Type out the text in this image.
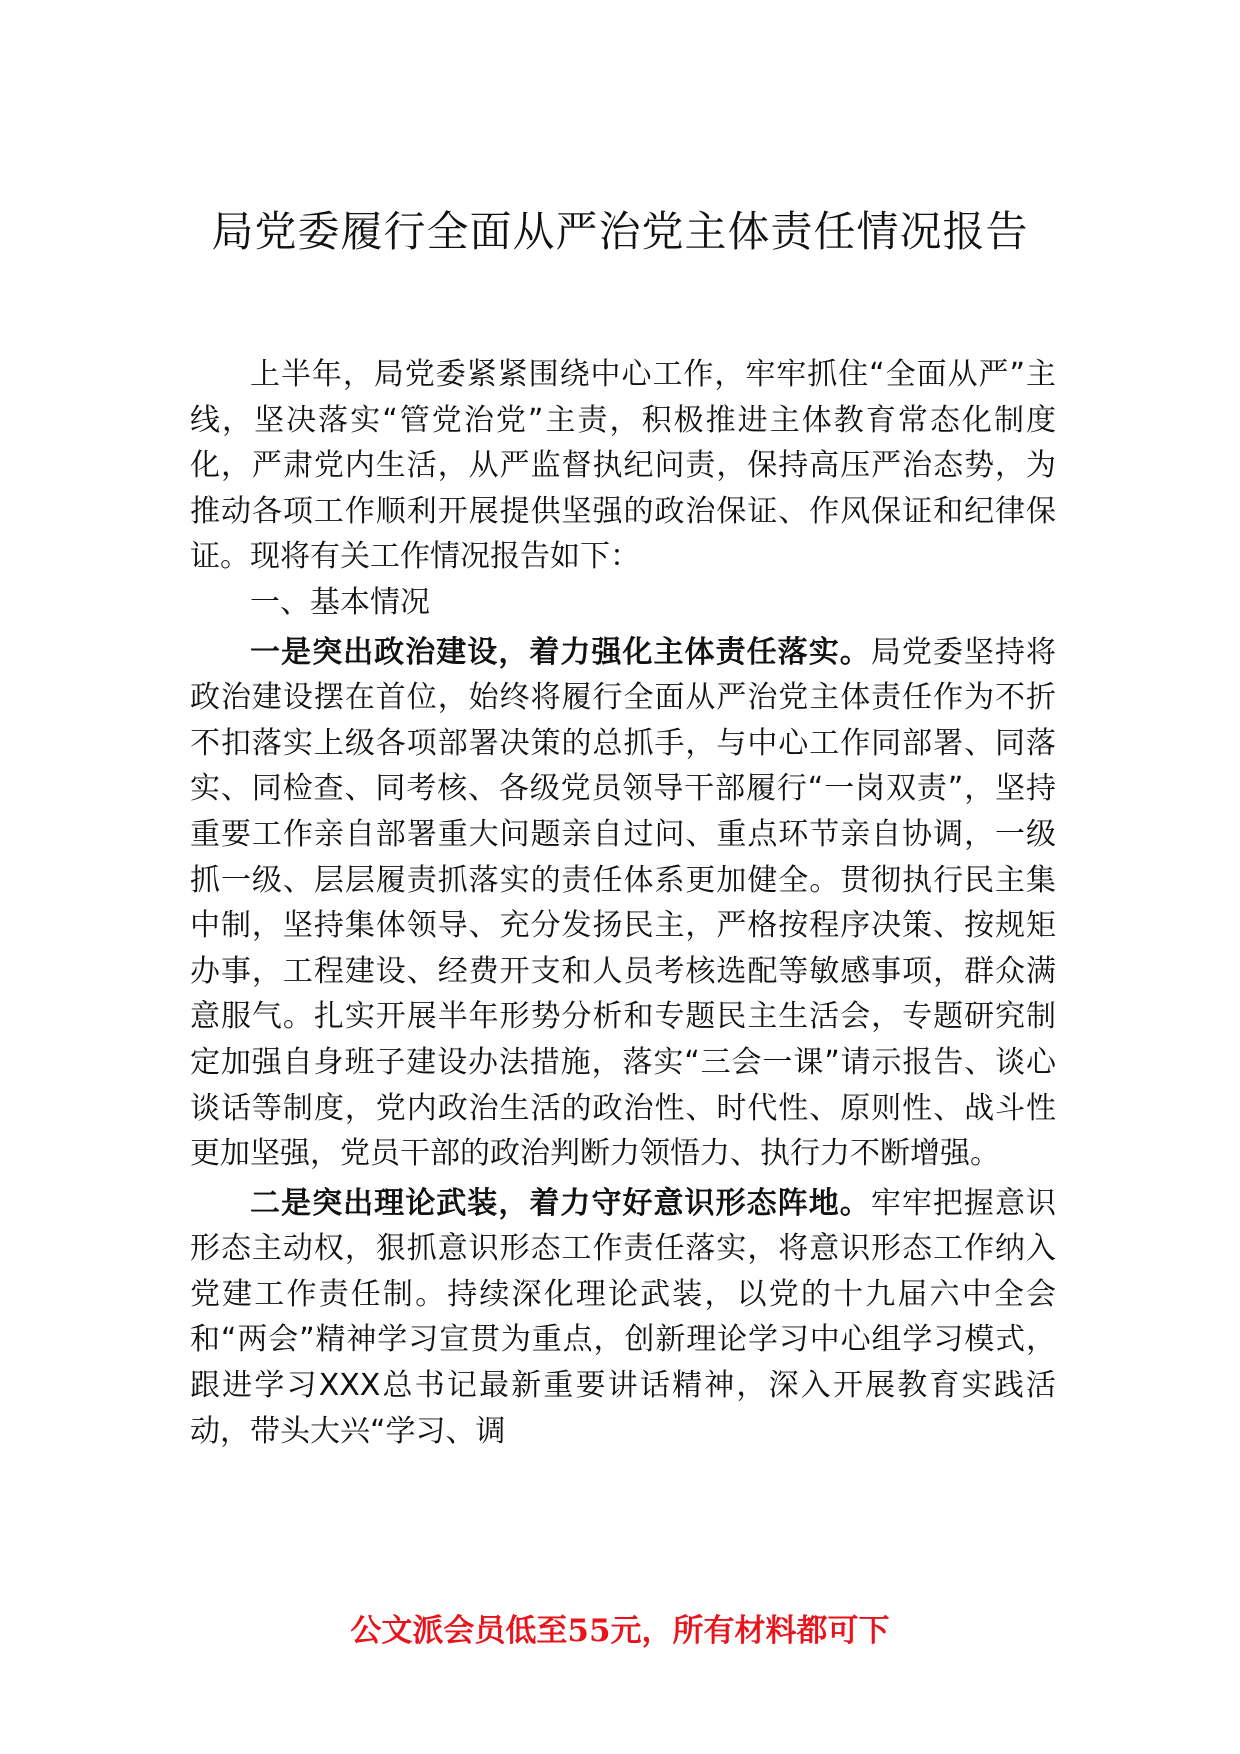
局党委履行全面从严治党主体责任情况报告

上半年，局党委紧紧围绕中心工作，牢牢抓住“全面从严”主线，坚决落实“管党治党”主责，积极推进主体教育常态化制度化，严肃党内生活，从严监督执纪问责，保持高压严治态势，为推动各项工作顺利开展提供坚强的政治保证、作风保证和纪律保证。现将有关工作情况报告如下：

一、基本情况

一是突出政治建设，着力强化主体责任落实。局党委坚持将政治建设摆在首位，始终将履行全面从严治党主体责任作为不折不扣落实上级各项部署决策的总抓手，与中心工作同部署、同落实、同检查、同考核、各级党员领导干部履行“一岗双责”，坚持重要工作亲自部署重大问题亲自过问、重点环节亲自协调，一级抓一级、层层履责抓落实的责任体系更加健全。贯彻执行民主集中制，坚持集体领导、充分发扬民主，严格按程序决策、按规矩办事，工程建设、经费开支和人员考核选配等敏感事项，群众满意服气。扎实开展半年形势分析和专题民主生活会，专题研究制定加强自身班子建设办法措施，落实“三会一课”请示报告、谈心谈话等制度，党内政治生活的政治性、时代性、原则性、战斗性更加坚强，党员干部的政治判断力领悟力、执行力不断增强。

二是突出理论武装，着力守好意识形态阵地。牢牢把握意识形态主动权，狠抓意识形态工作责任落实，将意识形态工作纳入党建工作责任制。持续深化理论武装，以党的十九届六中全会和“两会”精神学习宣贯为重点，创新理论学习中心组学习模式，跟进学习XXX总书记最新重要讲话精神，深入开展教育实践活动，带头大兴“学习、调

公文派会员低至55元，所有材料都可下
